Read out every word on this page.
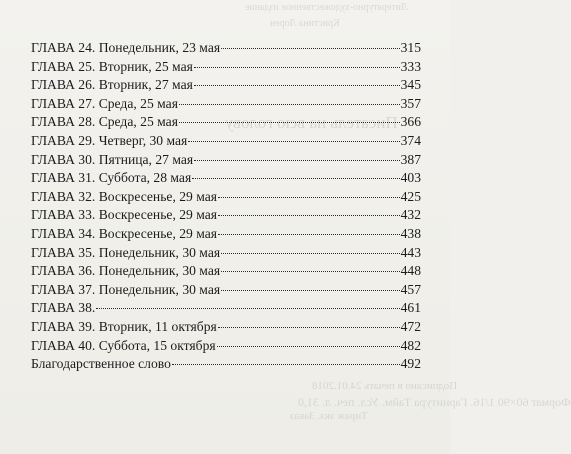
Литературно-художественное издание
Кристина Лорен
Писатель на всю голову
Подписано в печать 24.01.2018
Формат 60×90 1/16. Гарнитура Тайм. Усл. печ. л. 31,0
Тираж экз. Заказ
ГЛАВА 24. Понедельник, 23 мая	315
ГЛАВА 25. Вторник, 25 мая	333
ГЛАВА 26. Вторник, 27 мая	345
ГЛАВА 27. Среда, 25 мая	357
ГЛАВА 28. Среда, 25 мая	366
ГЛАВА 29. Четверг, 30 мая	374
ГЛАВА 30. Пятница, 27 мая	387
ГЛАВА 31. Суббота, 28 мая	403
ГЛАВА 32. Воскресенье, 29 мая	425
ГЛАВА 33. Воскресенье, 29 мая	432
ГЛАВА 34. Воскресенье, 29 мая	438
ГЛАВА 35. Понедельник, 30 мая	443
ГЛАВА 36. Понедельник, 30 мая	448
ГЛАВА 37. Понедельник, 30 мая	457
ГЛАВА 38.	461
ГЛАВА 39. Вторник, 11 октября	472
ГЛАВА 40. Суббота, 15 октября	482
Благодарственное слово	492
